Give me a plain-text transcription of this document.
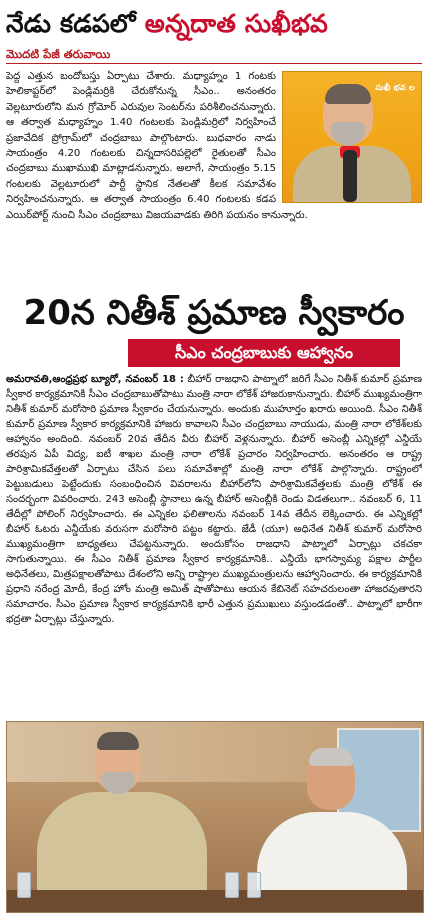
నేడు కడపలో అన్నదాత సుఖీభవ
మొదటి పేజీ తరువాయి
సుఖీ భవ ల
పెద్ద ఎత్తున బందోబస్తు ఏర్పాటు చేశారు. మధ్యాహ్నం 1 గంటకు హెలికాప్టర్‌లో పెండ్లిమర్రికి చేరుకోనున్న సీఎం.. అనంతరం వెల్లటూరులోని మన గ్రోమోర్ ఎరువుల సెంటర్‌ను పరిశీలించనున్నారు. ఆ తర్వాత మధ్యాహ్నం 1.40 గంటలకు పెండ్లిమర్రిలో నిర్వహించే ప్రజావేదిక ప్రోగ్రామ్‌లో చంద్రబాబు పాల్గొంటారు. బుధవారం నాడు సాయంత్రం 4.20 గంటలకు చిన్నదాసరిపల్లెలో రైతులతో సీఎం చంద్రబాబు ముఖాముఖి మాట్లాడనున్నారు. అలాగే, సాయంత్రం 5.15 గంటలకు వెల్లటూరులో పార్టీ స్థానిక నేతలతో కీలక సమావేశం నిర్వహించనున్నారు. ఆ తర్వాత సాయంత్రం 6.40 గంటలకు కడప ఎయిర్‌పోర్ట్ నుంచి సీఎం చంద్రబాబు విజయవాడకు తిరిగి పయనం కానున్నారు.
20న నితీశ్ ప్రమాణ స్వీకారం
సీఎం చంద్రబాబుకు ఆహ్వానం
అమరావతి,ఆంధ్రప్రభ బ్యూరో, నవంబర్ 18 : బీహార్ రాజధాని పాట్నాలో జరిగే సీఎం నితీశ్ కుమార్ ప్రమాణ స్వీకార కార్యక్రమానికి సీఎం చంద్రబాబుతోపాటు మంత్రి నారా లోకేశ్ హాజరుకానున్నారు. బీహార్ ముఖ్యమంత్రిగా నితీశ్ కుమార్ మరోసారి ప్రమాణ స్వీకారం చేయనున్నారు. అందుకు ముహూర్తం ఖరారు అయింది. సీఎం నితీశ్ కుమార్ ప్రమాణ స్వీకార కార్యక్రమానికి హాజరు కావాలని సీఎం చంద్రబాబు నాయుడు, మంత్రి నారా లోకేశ్‌లకు ఆహ్వానం అందింది. నవంబర్ 20వ తేదీన వీరు బీహార్ వెళ్లనున్నారు. బీహార్ అసెంబ్లీ ఎన్నికల్లో ఎన్డీయే తరపున ఏపీ విద్య, ఐటీ శాఖల మంత్రి నారా లోకేశ్ ప్రచారం నిర్వహించారు. అనంతరం ఆ రాష్ట్ర పారిశ్రామికవేత్తలతో ఏర్పాటు చేసిన పలు సమావేశాల్లో మంత్రి నారా లోకేశ్ పాల్గొన్నారు. రాష్ట్రంలో పెట్టుబడులు పెట్టేందుకు సంబంధించిన వివరాలను బీహార్‌లోని పారిశ్రామికవేత్తలకు మంత్రి లోకేశ్ ఈ సందర్భంగా వివరించారు. 243 అసెంబ్లీ స్థానాలు ఉన్న బీహార్ అసెంబ్లీకి రెండు విడతలుగా.. నవంబర్ 6, 11 తేదీల్లో పోలింగ్ నిర్వహించారు. ఈ ఎన్నికల ఫలితాలను నవంబర్ 14వ తేదీన లెక్కించారు. ఈ ఎన్నికల్లో బీహార్ ఓటరు ఎన్డీయేకు వరుసగా మరోసారి పట్టం కట్టారు. జేడీ (యూ) అధినేత నితీశ్ కుమార్ మరోసారి ముఖ్యమంత్రిగా బాధ్యతలు చేపట్టనున్నారు. అందుకోసం రాజధాని పాట్నాలో ఏర్పాట్లు చకచకా సాగుతున్నాయి. ఈ సీఎం నితీశ్ ప్రమాణ స్వీకార కార్యక్రమానికి.. ఎన్డీయే భాగస్వామ్య పక్షాల పార్టీల అధినేతలు, మిత్రపక్షాలతోపాటు దేశంలోని అన్ని రాష్ట్రాల ముఖ్యమంత్రులను ఆహ్వానించారు. ఈ కార్యక్రమానికి ప్రధాని నరేంద్ర మోదీ, కేంద్ర హోం మంత్రి అమిత్ షాతోపాటు ఆయన కేబినెట్ సహచరులంతా హాజరవుతారని సమాచారం. సీఎం ప్రమాణ స్వీకార కార్యక్రమానికి భారీ ఎత్తున ప్రముఖులు వస్తుండడంతో.. పాట్నాలో భారీగా భద్రతా ఏర్పాట్లు చేస్తున్నారు.
